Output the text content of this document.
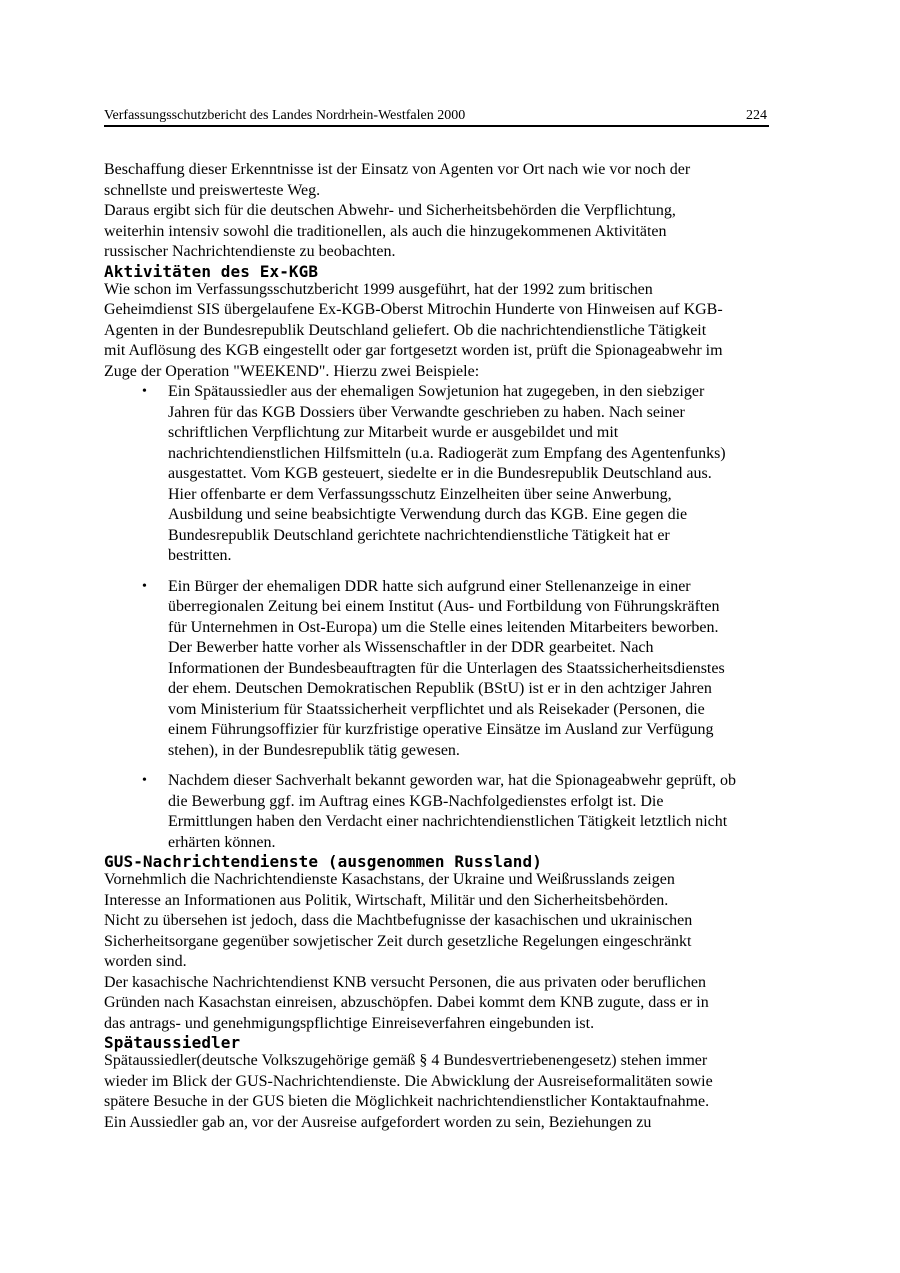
Verfassungsschutzbericht des Landes Nordrhein-Westfalen 2000	224

Beschaffung dieser Erkenntnisse ist der Einsatz von Agenten vor Ort nach wie vor noch der
schnellste und preiswerteste Weg.

Daraus ergibt sich für die deutschen Abwehr- und Sicherheitsbehörden die Verpflichtung,
weiterhin intensiv sowohl die traditionellen, als auch die hinzugekommenen Aktivitäten
russischer Nachrichtendienste zu beobachten.

Aktivitäten des Ex-KGB

Wie schon im Verfassungsschutzbericht 1999 ausgeführt, hat der 1992 zum britischen
Geheimdienst SIS übergelaufene Ex-KGB-Oberst Mitrochin Hunderte von Hinweisen auf KGB-
Agenten in der Bundesrepublik Deutschland geliefert. Ob die nachrichtendienstliche Tätigkeit
mit Auflösung des KGB eingestellt oder gar fortgesetzt worden ist, prüft die Spionageabwehr im
Zuge der Operation "WEEKEND". Hierzu zwei Beispiele:

• Ein Spätaussiedler aus der ehemaligen Sowjetunion hat zugegeben, in den siebziger
Jahren für das KGB Dossiers über Verwandte geschrieben zu haben. Nach seiner
schriftlichen Verpflichtung zur Mitarbeit wurde er ausgebildet und mit
nachrichtendienstlichen Hilfsmitteln (u.a. Radiogerät zum Empfang des Agentenfunks)
ausgestattet. Vom KGB gesteuert, siedelte er in die Bundesrepublik Deutschland aus.
Hier offenbarte er dem Verfassungsschutz Einzelheiten über seine Anwerbung,
Ausbildung und seine beabsichtigte Verwendung durch das KGB. Eine gegen die
Bundesrepublik Deutschland gerichtete nachrichtendienstliche Tätigkeit hat er
bestritten.
• Ein Bürger der ehemaligen DDR hatte sich aufgrund einer Stellenanzeige in einer
überregionalen Zeitung bei einem Institut (Aus- und Fortbildung von Führungskräften
für Unternehmen in Ost-Europa) um die Stelle eines leitenden Mitarbeiters beworben.
Der Bewerber hatte vorher als Wissenschaftler in der DDR gearbeitet. Nach
Informationen der Bundesbeauftragten für die Unterlagen des Staatssicherheitsdienstes
der ehem. Deutschen Demokratischen Republik (BStU) ist er in den achtziger Jahren
vom Ministerium für Staatssicherheit verpflichtet und als Reisekader (Personen, die
einem Führungsoffizier für kurzfristige operative Einsätze im Ausland zur Verfügung
stehen), in der Bundesrepublik tätig gewesen.
• Nachdem dieser Sachverhalt bekannt geworden war, hat die Spionageabwehr geprüft, ob
die Bewerbung ggf. im Auftrag eines KGB-Nachfolgedienstes erfolgt ist. Die
Ermittlungen haben den Verdacht einer nachrichtendienstlichen Tätigkeit letztlich nicht
erhärten können.
GUS-Nachrichtendienste (ausgenommen Russland)

Vornehmlich die Nachrichtendienste Kasachstans, der Ukraine und Weißrusslands zeigen
Interesse an Informationen aus Politik, Wirtschaft, Militär und den Sicherheitsbehörden.

Nicht zu übersehen ist jedoch, dass die Machtbefugnisse der kasachischen und ukrainischen
Sicherheitsorgane gegenüber sowjetischer Zeit durch gesetzliche Regelungen eingeschränkt
worden sind.

Der kasachische Nachrichtendienst KNB versucht Personen, die aus privaten oder beruflichen
Gründen nach Kasachstan einreisen, abzuschöpfen. Dabei kommt dem KNB zugute, dass er in
das antrags- und genehmigungspflichtige Einreiseverfahren eingebunden ist.

Spätaussiedler

Spätaussiedler(deutsche Volkszugehörige gemäß § 4 Bundesvertriebenengesetz) stehen immer
wieder im Blick der GUS-Nachrichtendienste. Die Abwicklung der Ausreiseformalitäten sowie
spätere Besuche in der GUS bieten die Möglichkeit nachrichtendienstlicher Kontaktaufnahme.
Ein Aussiedler gab an, vor der Ausreise aufgefordert worden zu sein, Beziehungen zu
